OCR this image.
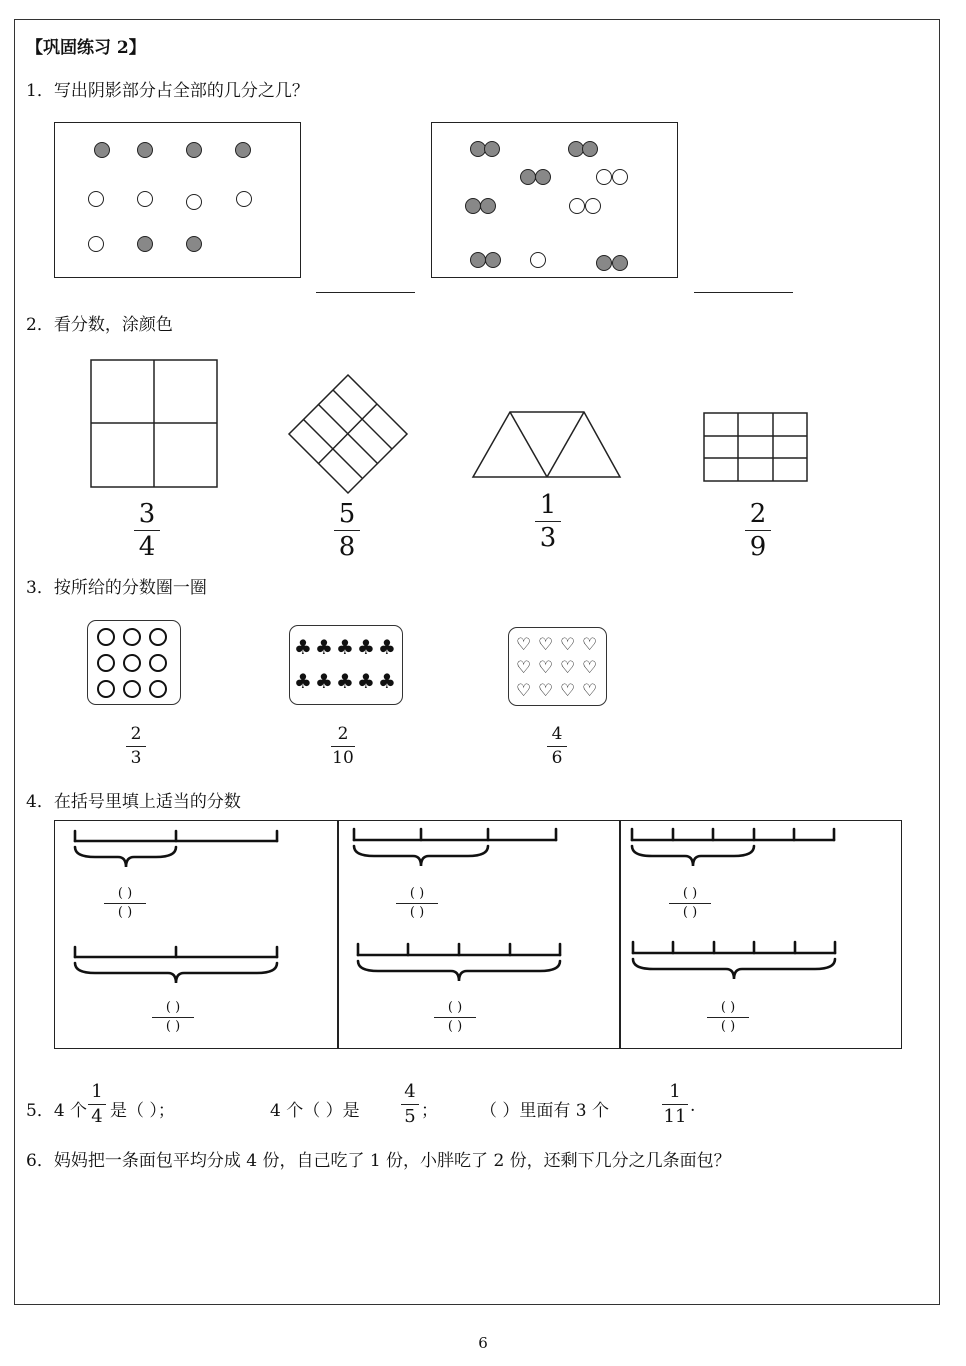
【巩固练习 2】
1．写出阴影部分占全部的几分之几？
2．看分数，涂颜色
3
4
5
8
1
3
2
9
3．按所给的分数圈一圈
♣ ♣ ♣ ♣ ♣
♣ ♣ ♣ ♣ ♣
♡ ♡ ♡ ♡
♡ ♡ ♡ ♡
♡ ♡ ♡ ♡
2
3
2
10
4
6
4．在括号里填上适当的分数
( )
( )
( )
( )
( )
( )
( )
( )
( )
( )
( )
( )
5．4 个
1
4 是（ ）；	4 个（ ）是
4
5 ； （ ）里面有 3 个
1
11 .
6．妈妈把一条面包平均分成 4 份，自己吃了 1 份，小胖吃了 2 份，还剩下几分之几条面包？
6
